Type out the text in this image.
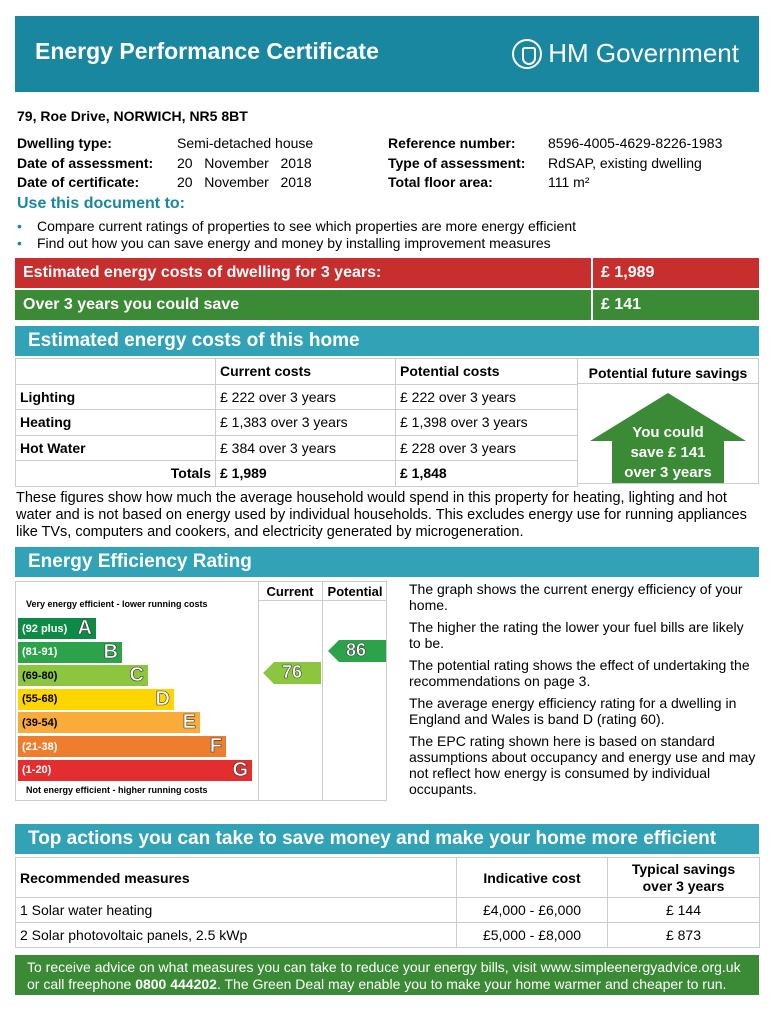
Energy Performance Certificate	HM Government
79, Roe Drive, NORWICH, NR5 8BT
Dwelling type:	Semi-detached house
Date of assessment:	20   November   2018
Date of certificate:	20   November   2018
Reference number:	8596-4005-4629-8226-1983
Type of assessment:	RdSAP, existing dwelling
Total floor area:	111 m²
Use this document to:
• Compare current ratings of properties to see which properties are more energy efficient
• Find out how you can save energy and money by installing improvement measures
Estimated energy costs of dwelling for 3 years:	£ 1,989
Over 3 years you could save	£ 141
Estimated energy costs of this home
	Current costs	Potential costs
Lighting	£ 222 over 3 years	£ 222 over 3 years
Heating	£ 1,383 over 3 years	£ 1,398 over 3 years
Hot Water	£ 384 over 3 years	£ 228 over 3 years
Totals	£ 1,989	£ 1,848
Potential future savings
You could
save £ 141
over 3 years
These figures show how much the average household would spend in this property for heating, lighting and hot water and is not based on energy used by individual households. This excludes energy use for running appliances like TVs, computers and cookers, and electricity generated by microgeneration.
Energy Efficiency Rating
Current	Potential
Very energy efficient - lower running costs
(92 plus) A
(81-91) B
(69-80)	C
(55-68)	D
(39-54)	E
(21-38)	F
(1-20)	G
Not energy efficient - higher running costs
76
86

The graph shows the current energy efficiency of your home.

The higher the rating the lower your fuel bills are likely to be.

The potential rating shows the effect of undertaking the recommendations on page 3.

The average energy efficiency rating for a dwelling in England and Wales is band D (rating 60).

The EPC rating shown here is based on standard assumptions about occupancy and energy use and may not reflect how energy is consumed by individual occupants.

Top actions you can take to save money and make your home more efficient
Recommended measures	Indicative cost	Typical savings
over 3 years

1 Solar water heating	£4,000 - £6,000	£ 144
2 Solar photovoltaic panels, 2.5 kWp	£5,000 - £8,000	£ 873
To receive advice on what measures you can take to reduce your energy bills, visit www.simpleenergyadvice.org.uk or call freephone 0800 444202. The Green Deal may enable you to make your home warmer and cheaper to run.
